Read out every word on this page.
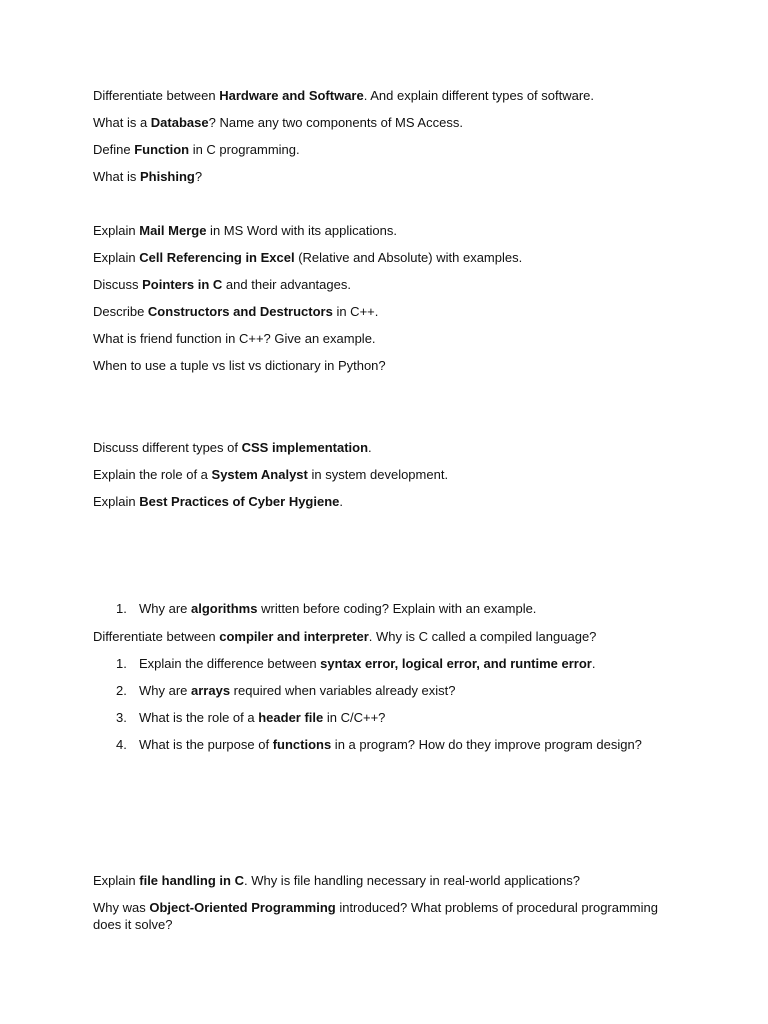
Differentiate between Hardware and Software. And explain different types of software.
What is a Database? Name any two components of MS Access.
Define Function in C programming.
What is Phishing?
Explain Mail Merge in MS Word with its applications.
Explain Cell Referencing in Excel (Relative and Absolute) with examples.
Discuss Pointers in C and their advantages.
Describe Constructors and Destructors in C++.
What is friend function in C++? Give an example.
When to use a tuple vs list vs dictionary in Python?
Discuss different types of CSS implementation.
Explain the role of a System Analyst in system development.
Explain Best Practices of Cyber Hygiene.
1. Why are algorithms written before coding? Explain with an example.
Differentiate between compiler and interpreter. Why is C called a compiled language?
1. Explain the difference between syntax error, logical error, and runtime error.
2. Why are arrays required when variables already exist?
3. What is the role of a header file in C/C++?
4. What is the purpose of functions in a program? How do they improve program design?
Explain file handling in C. Why is file handling necessary in real-world applications?
Why was Object-Oriented Programming introduced? What problems of procedural programming does it solve?
